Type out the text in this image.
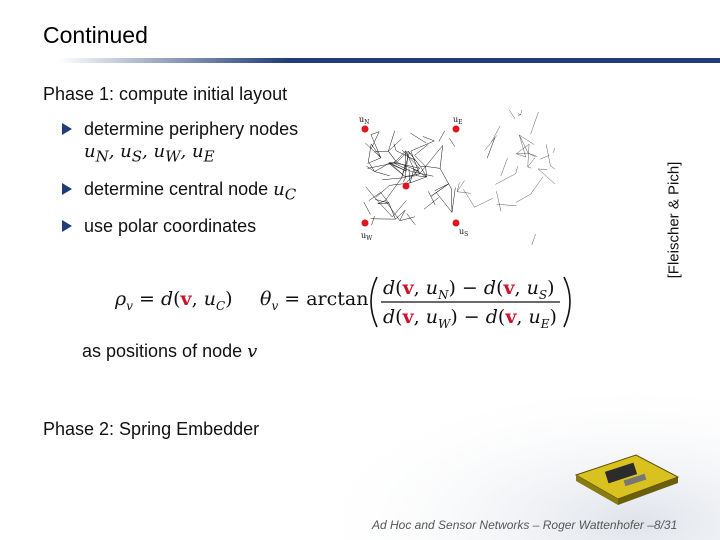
Continued
Phase 1: compute initial layout
determine periphery nodes $u_N$, $u_S$, $u_W$, $u_E$
determine central node $u_C$
use polar coordinates
$\rho_v = d(v$, $u_C$) $\theta_v = \arctan d(v$, $u_N) - d(v$, $u_S$)
d(v, $u_W) - d(v$, $u_E$)
as positions of node v
$u_N$	$u_E$
$u_W$
$u_S$	[Fleischer & Pich]
Phase 2: Spring Embedder
Ad Hoc and Sensor Networks – Roger Wattenhofer –8/31
